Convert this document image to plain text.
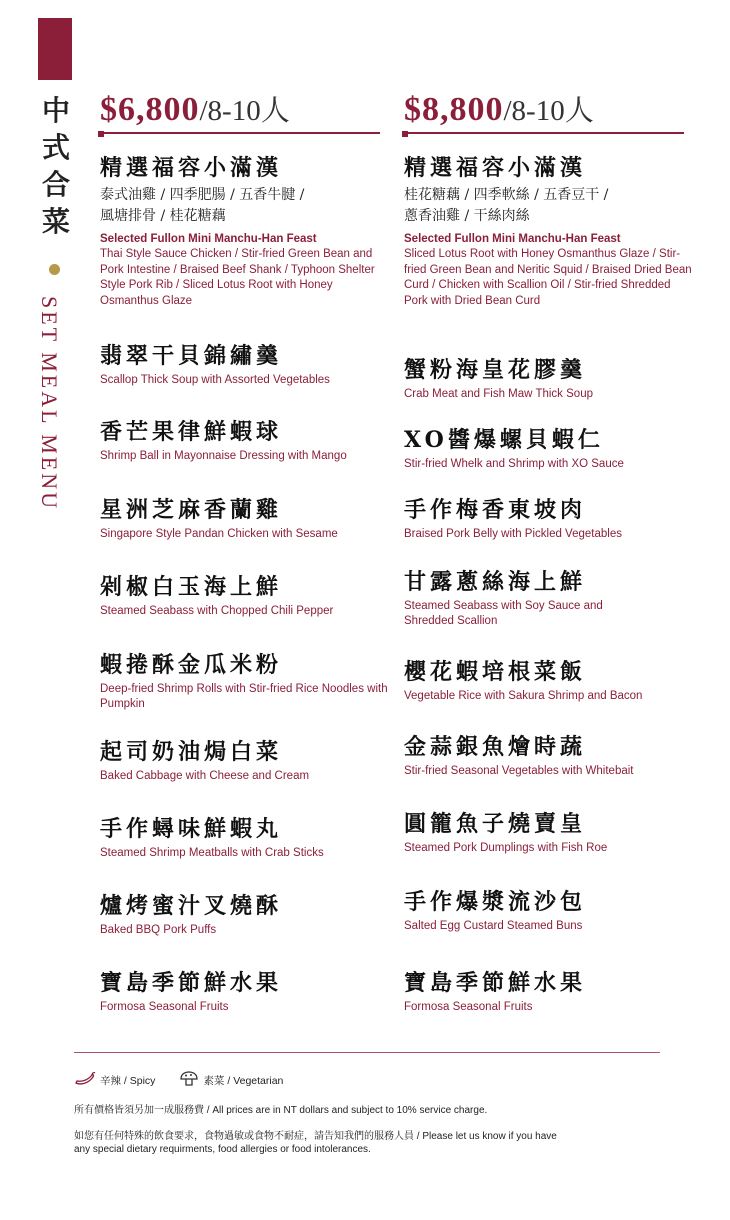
中
式
合
菜
SET MEAL MENU
$6,800/8-10人
精選福容小滿漢
泰式油雞 / 四季肥腸 / 五香牛腱 /
風塘排骨 / 桂花糖藕
Selected Fullon Mini Manchu-Han Feast
Thai Style Sauce Chicken / Stir-fried Green Bean and Pork Intestine / Braised Beef Shank / Typhoon Shelter Style Pork Rib / Sliced Lotus Root with Honey Osmanthus Glaze
翡翠干貝錦繡羹
Scallop Thick Soup with Assorted Vegetables
香芒果律鮮蝦球
Shrimp Ball in Mayonnaise Dressing with Mango
星洲芝麻香蘭雞
Singapore Style Pandan Chicken with Sesame
剁椒白玉海上鮮
Steamed Seabass with Chopped Chili Pepper
蝦捲酥金瓜米粉
Deep-fried Shrimp Rolls with Stir-fried Rice Noodles with Pumpkin
起司奶油焗白菜
Baked Cabbage with Cheese and Cream
手作蟳味鮮蝦丸
Steamed Shrimp Meatballs with Crab Sticks
爐烤蜜汁叉燒酥
Baked BBQ Pork Puffs
寶島季節鮮水果
Formosa Seasonal Fruits
$8,800/8-10人
精選福容小滿漢
桂花糖藕 / 四季軟絲 / 五香豆干 /
蔥香油雞 / 干絲肉絲
Selected Fullon Mini Manchu-Han Feast
Sliced Lotus Root with Honey Osmanthus Glaze / Stir-fried Green Bean and Neritic Squid / Braised Dried Bean Curd / Chicken with Scallion Oil / Stir-fried Shredded Pork with Dried Bean Curd
蟹粉海皇花膠羹
Crab Meat and Fish Maw Thick Soup
XO醬爆螺貝蝦仁
Stir-fried Whelk and Shrimp with XO Sauce
手作梅香東坡肉
Braised Pork Belly with Pickled Vegetables
甘露蔥絲海上鮮
Steamed Seabass with Soy Sauce and Shredded Scallion
櫻花蝦培根菜飯
Vegetable Rice with Sakura Shrimp and Bacon
金蒜銀魚燴時蔬
Stir-fried Seasonal Vegetables with Whitebait
圓籠魚子燒賣皇
Steamed Pork Dumplings with Fish Roe
手作爆漿流沙包
Salted Egg Custard Steamed Buns
寶島季節鮮水果
Formosa Seasonal Fruits
辛辣 / Spicy	素菜 / Vegetarian
所有價格皆須另加一成服務費 / All prices are in NT dollars and subject to 10% service charge.
如您有任何特殊的飲食要求，食物過敏或食物不耐症，請告知我們的服務人員 / Please let us know if you have
any special dietary requirments, food allergies or food intolerances.
